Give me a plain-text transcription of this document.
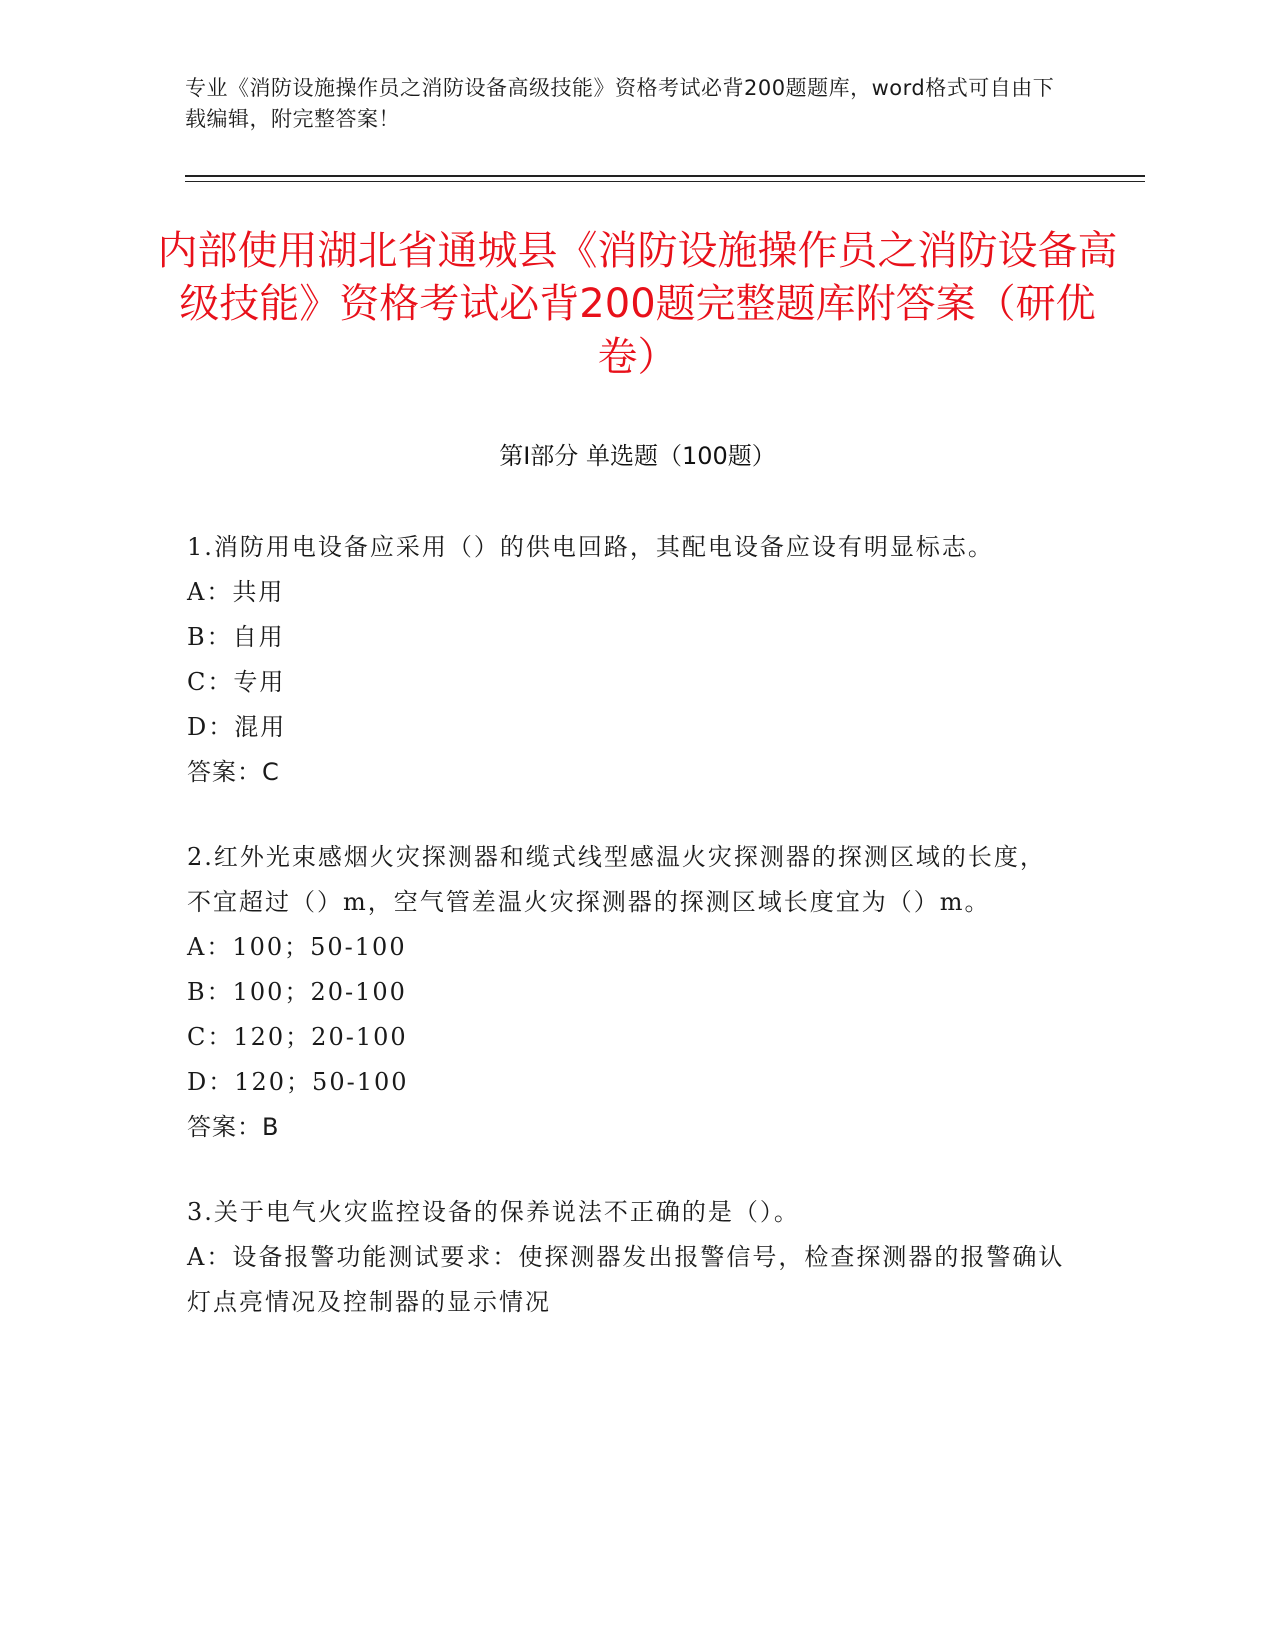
专业《消防设施操作员之消防设备高级技能》资格考试必背200题题库，word格式可自由下载编辑，附完整答案！
内部使用湖北省通城县《消防设施操作员之消防设备高级技能》资格考试必背200题完整题库附答案（研优卷）
第I部分 单选题（100题）

1.消防用电设备应采用（）的供电回路，其配电设备应设有明显标志。

A：共用

B：自用

C：专用

D：混用

答案：C

2.红外光束感烟火灾探测器和缆式线型感温火灾探测器的探测区域的长度，不宜超过（）m，空气管差温火灾探测器的探测区域长度宜为（）m。

A：100；50-100

B：100；20-100

C：120；20-100

D：120；50-100

答案：B

3.关于电气火灾监控设备的保养说法不正确的是（）。

A：设备报警功能测试要求：使探测器发出报警信号，检查探测器的报警确认灯点亮情况及控制器的显示情况
